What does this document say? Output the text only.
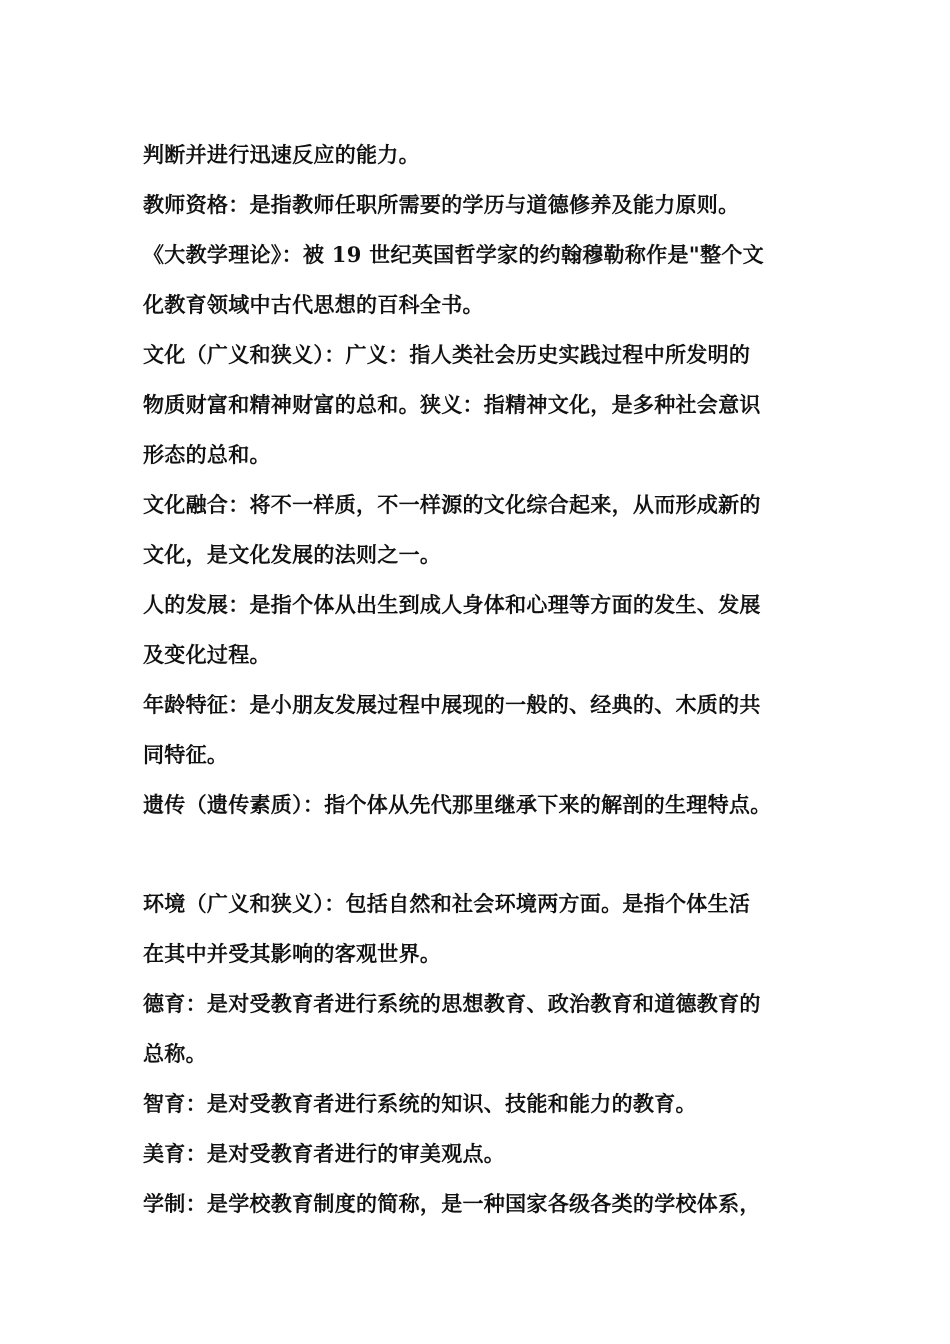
判断并进行迅速反应的能力。
教师资格：是指教师任职所需要的学历与道德修养及能力原则。
《大教学理论》：被 19 世纪英国哲学家的约翰穆勒称作是"整个文
化教育领域中古代思想的百科全书。
文化（广义和狭义）：广义：指人类社会历史实践过程中所发明的
物质财富和精神财富的总和。狭义：指精神文化，是多种社会意识
形态的总和。
文化融合：将不一样质，不一样源的文化综合起来，从而形成新的
文化，是文化发展的法则之一。
人的发展：是指个体从出生到成人身体和心理等方面的发生、发展
及变化过程。
年龄特征：是小朋友发展过程中展现的一般的、经典的、木质的共
同特征。
遗传（遗传素质）：指个体从先代那里继承下来的解剖的生理特点。
环境（广义和狭义）：包括自然和社会环境两方面。是指个体生活
在其中并受其影响的客观世界。
德育：是对受教育者进行系统的思想教育、政治教育和道德教育的
总称。
智育：是对受教育者进行系统的知识、技能和能力的教育。
美育：是对受教育者进行的审美观点。
学制：是学校教育制度的简称，是一种国家各级各类的学校体系，
